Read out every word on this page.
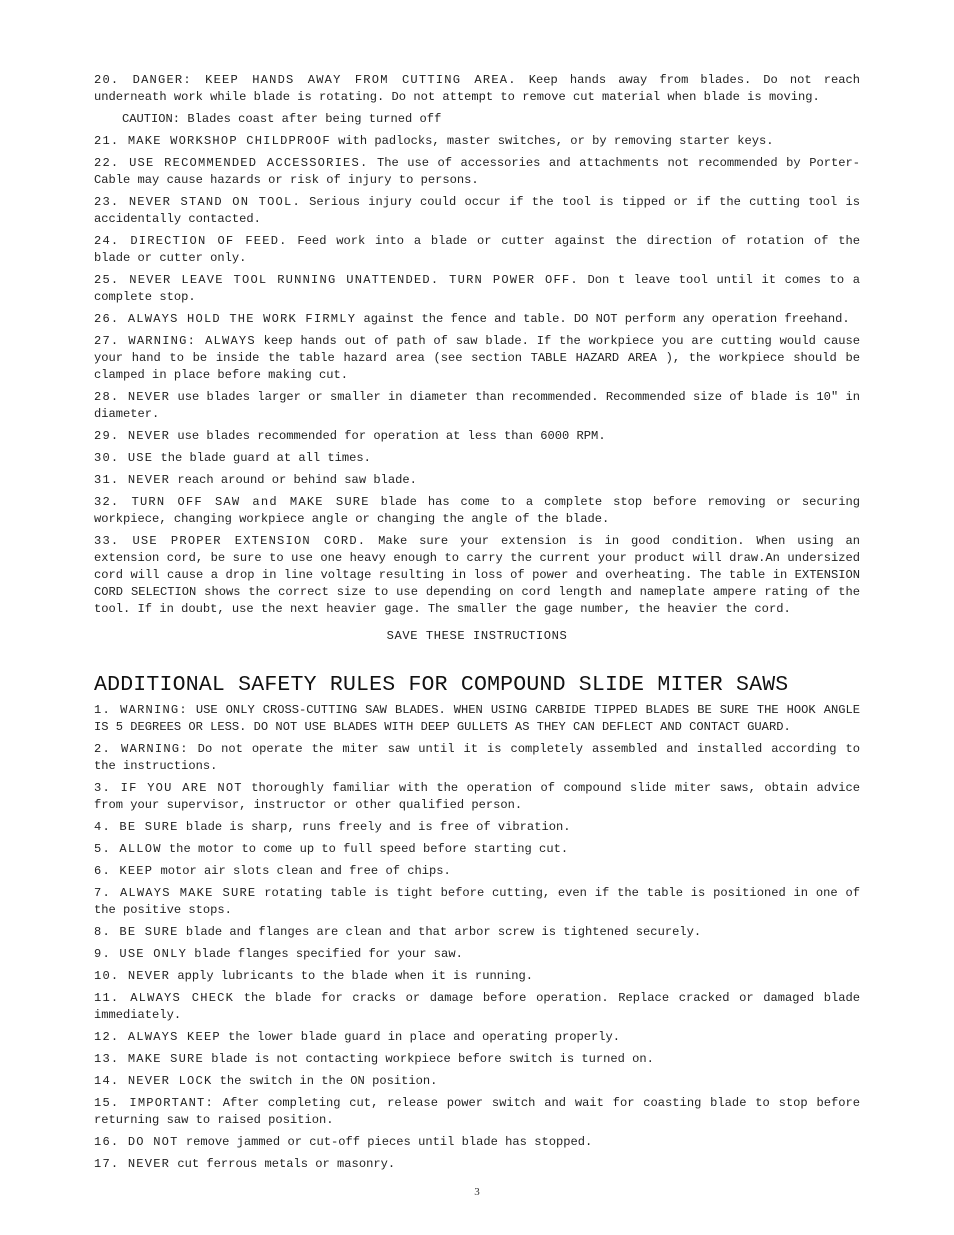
20. DANGER: KEEP HANDS AWAY FROM CUTTING AREA. Keep hands away from blades. Do not reach underneath work while blade is rotating. Do not attempt to remove cut material when blade is moving.

CAUTION: Blades coast after being turned off

21. MAKE WORKSHOP CHILDPROOF with padlocks, master switches, or by removing starter keys.

22. USE RECOMMENDED ACCESSORIES. The use of accessories and attachments not recommended by Porter-Cable may cause hazards or risk of injury to persons.

23. NEVER STAND ON TOOL. Serious injury could occur if the tool is tipped or if the cutting tool is accidentally contacted.

24. DIRECTION OF FEED. Feed work into a blade or cutter against the direction of rotation of the blade or cutter only.

25. NEVER LEAVE TOOL RUNNING UNATTENDED. TURN POWER OFF. Don t leave tool until it comes to a complete stop.

26. ALWAYS HOLD THE WORK FIRMLY against the fence and table. DO NOT perform any operation freehand.

27. WARNING: ALWAYS keep hands out of path of saw blade. If the workpiece you are cutting would cause your hand to be inside the table hazard area (see section TABLE HAZARD AREA ), the workpiece should be clamped in place before making cut.

28. NEVER use blades larger or smaller in diameter than recommended. Recommended size of blade is 10" in diameter.

29. NEVER use blades recommended for operation at less than 6000 RPM.

30. USE the blade guard at all times.

31. NEVER reach around or behind saw blade.

32. TURN OFF SAW and MAKE SURE blade has come to a complete stop before removing or securing workpiece, changing workpiece angle or changing the angle of the blade.

33. USE PROPER EXTENSION CORD. Make sure your extension is in good condition. When using an extension cord, be sure to use one heavy enough to carry the current your product will draw.An undersized cord will cause a drop in line voltage resulting in loss of power and overheating. The table in EXTENSION CORD SELECTION shows the correct size to use depending on cord length and nameplate ampere rating of the tool. If in doubt, use the next heavier gage. The smaller the gage number, the heavier the cord.

SAVE THESE INSTRUCTIONS
ADDITIONAL SAFETY RULES FOR COMPOUND SLIDE MITER SAWS

1. WARNING: USE ONLY CROSS-CUTTING SAW BLADES. WHEN USING CARBIDE TIPPED BLADES BE SURE THE HOOK ANGLE IS 5 DEGREES OR LESS. DO NOT USE BLADES WITH DEEP GULLETS AS THEY CAN DEFLECT AND CONTACT GUARD.

2. WARNING: Do not operate the miter saw until it is completely assembled and installed according to the instructions.

3. IF YOU ARE NOT thoroughly familiar with the operation of compound slide miter saws, obtain advice from your supervisor, instructor or other qualified person.

4. BE SURE blade is sharp, runs freely and is free of vibration.

5. ALLOW the motor to come up to full speed before starting cut.

6. KEEP motor air slots clean and free of chips.

7. ALWAYS MAKE SURE rotating table is tight before cutting, even if the table is positioned in one of the positive stops.

8. BE SURE blade and flanges are clean and that arbor screw is tightened securely.

9. USE ONLY blade flanges specified for your saw.

10. NEVER apply lubricants to the blade when it is running.

11. ALWAYS CHECK the blade for cracks or damage before operation. Replace cracked or damaged blade immediately.

12. ALWAYS KEEP the lower blade guard in place and operating properly.

13. MAKE SURE blade is not contacting workpiece before switch is turned on.

14. NEVER LOCK the switch in the ON position.

15. IMPORTANT: After completing cut, release power switch and wait for coasting blade to stop before returning saw to raised position.

16. DO NOT remove jammed or cut-off pieces until blade has stopped.

17. NEVER cut ferrous metals or masonry.

3
